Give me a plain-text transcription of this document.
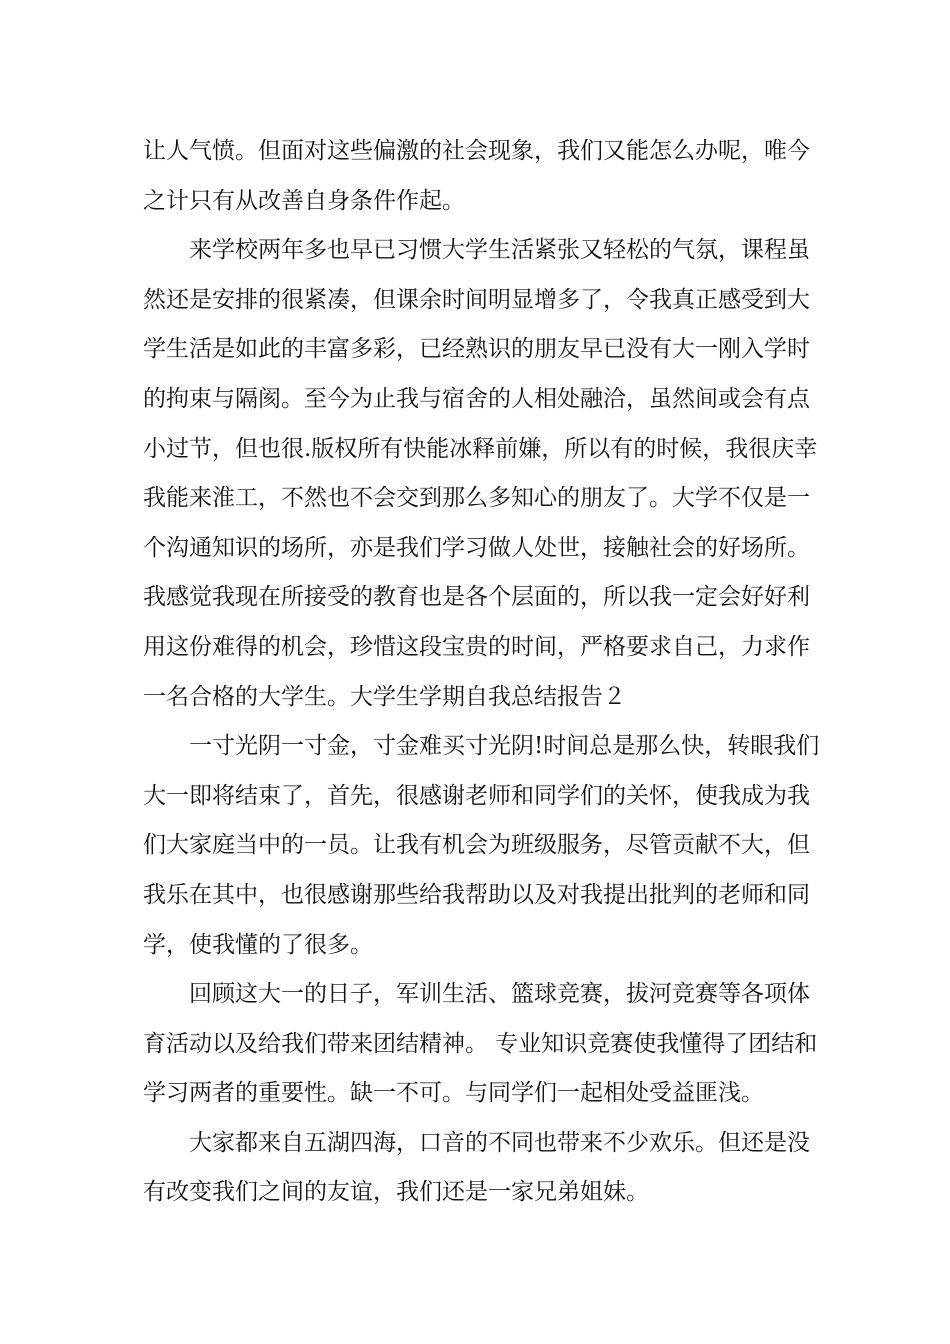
让人气愤。但面对这些偏激的社会现象，我们又能怎么办呢，唯今
之计只有从改善自身条件作起。
来学校两年多也早已习惯大学生活紧张又轻松的气氛，课程虽
然还是安排的很紧凑，但课余时间明显增多了，令我真正感受到大
学生活是如此的丰富多彩，已经熟识的朋友早已没有大一刚入学时
的拘束与隔阂。至今为止我与宿舍的人相处融洽，虽然间或会有点
小过节，但也很.版权所有快能冰释前嫌，所以有的时候，我很庆幸
我能来淮工，不然也不会交到那么多知心的朋友了。大学不仅是一
个沟通知识的场所，亦是我们学习做人处世，接触社会的好场所。
我感觉我现在所接受的教育也是各个层面的，所以我一定会好好利
用这份难得的机会，珍惜这段宝贵的时间，严格要求自己，力求作
一名合格的大学生。大学生学期自我总结报告２
一寸光阴一寸金，寸金难买寸光阴!时间总是那么快，转眼我们
大一即将结束了，首先，很感谢老师和同学们的关怀，使我成为我
们大家庭当中的一员。让我有机会为班级服务，尽管贡献不大，但
我乐在其中，也很感谢那些给我帮助以及对我提出批判的老师和同
学，使我懂的了很多。
回顾这大一的日子，军训生活、篮球竞赛，拔河竞赛等各项体
育活动以及给我们带来团结精神。 专业知识竞赛使我懂得了团结和
学习两者的重要性。缺一不可。与同学们一起相处受益匪浅。
大家都来自五湖四海，口音的不同也带来不少欢乐。但还是没
有改变我们之间的友谊，我们还是一家兄弟姐妹。
